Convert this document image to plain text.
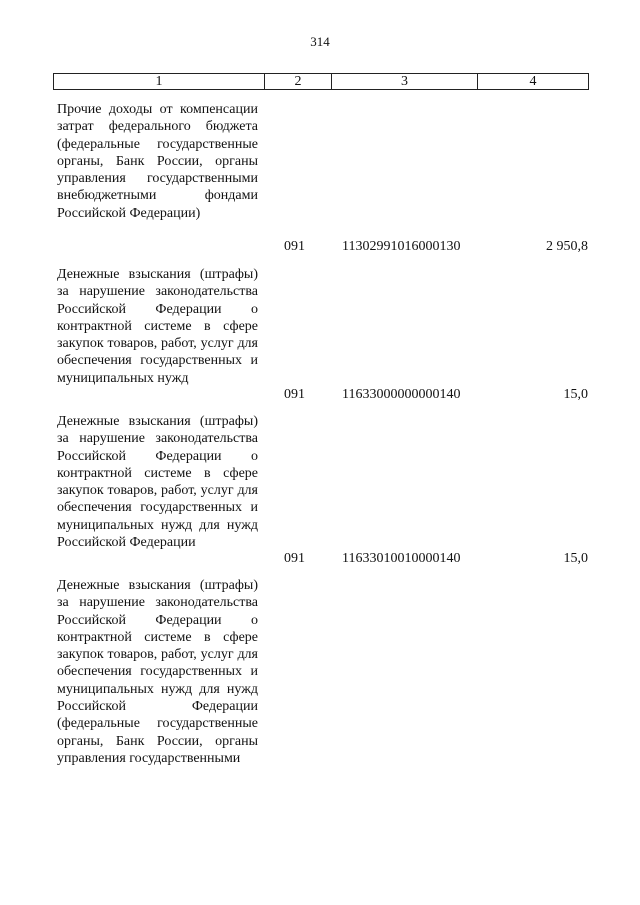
314
1	2	3	4
Прочие доходы от компенсации затрат федерального бюджета (федеральные государственные органы, Банк России, органы управления государственными внебюджетными фондами Российской Федерации)
091	11302991016000130	2 950,8
Денежные взыскания (штрафы) за нарушение законодательства Российской Федерации о контрактной системе в сфере закупок товаров, работ, услуг для обеспечения государственных и муниципальных нужд
091	11633000000000140	15,0
Денежные взыскания (штрафы) за нарушение законодательства Российской Федерации о контрактной системе в сфере закупок товаров, работ, услуг для обеспечения государственных и муниципальных нужд для нужд Российской Федерации
091	11633010010000140	15,0
Денежные взыскания (штрафы) за нарушение законодательства Российской Федерации о контрактной системе в сфере закупок товаров, работ, услуг для обеспечения государственных и муниципальных нужд для нужд Российской Федерации (федеральные государственные органы, Банк России, органы управления государственными
